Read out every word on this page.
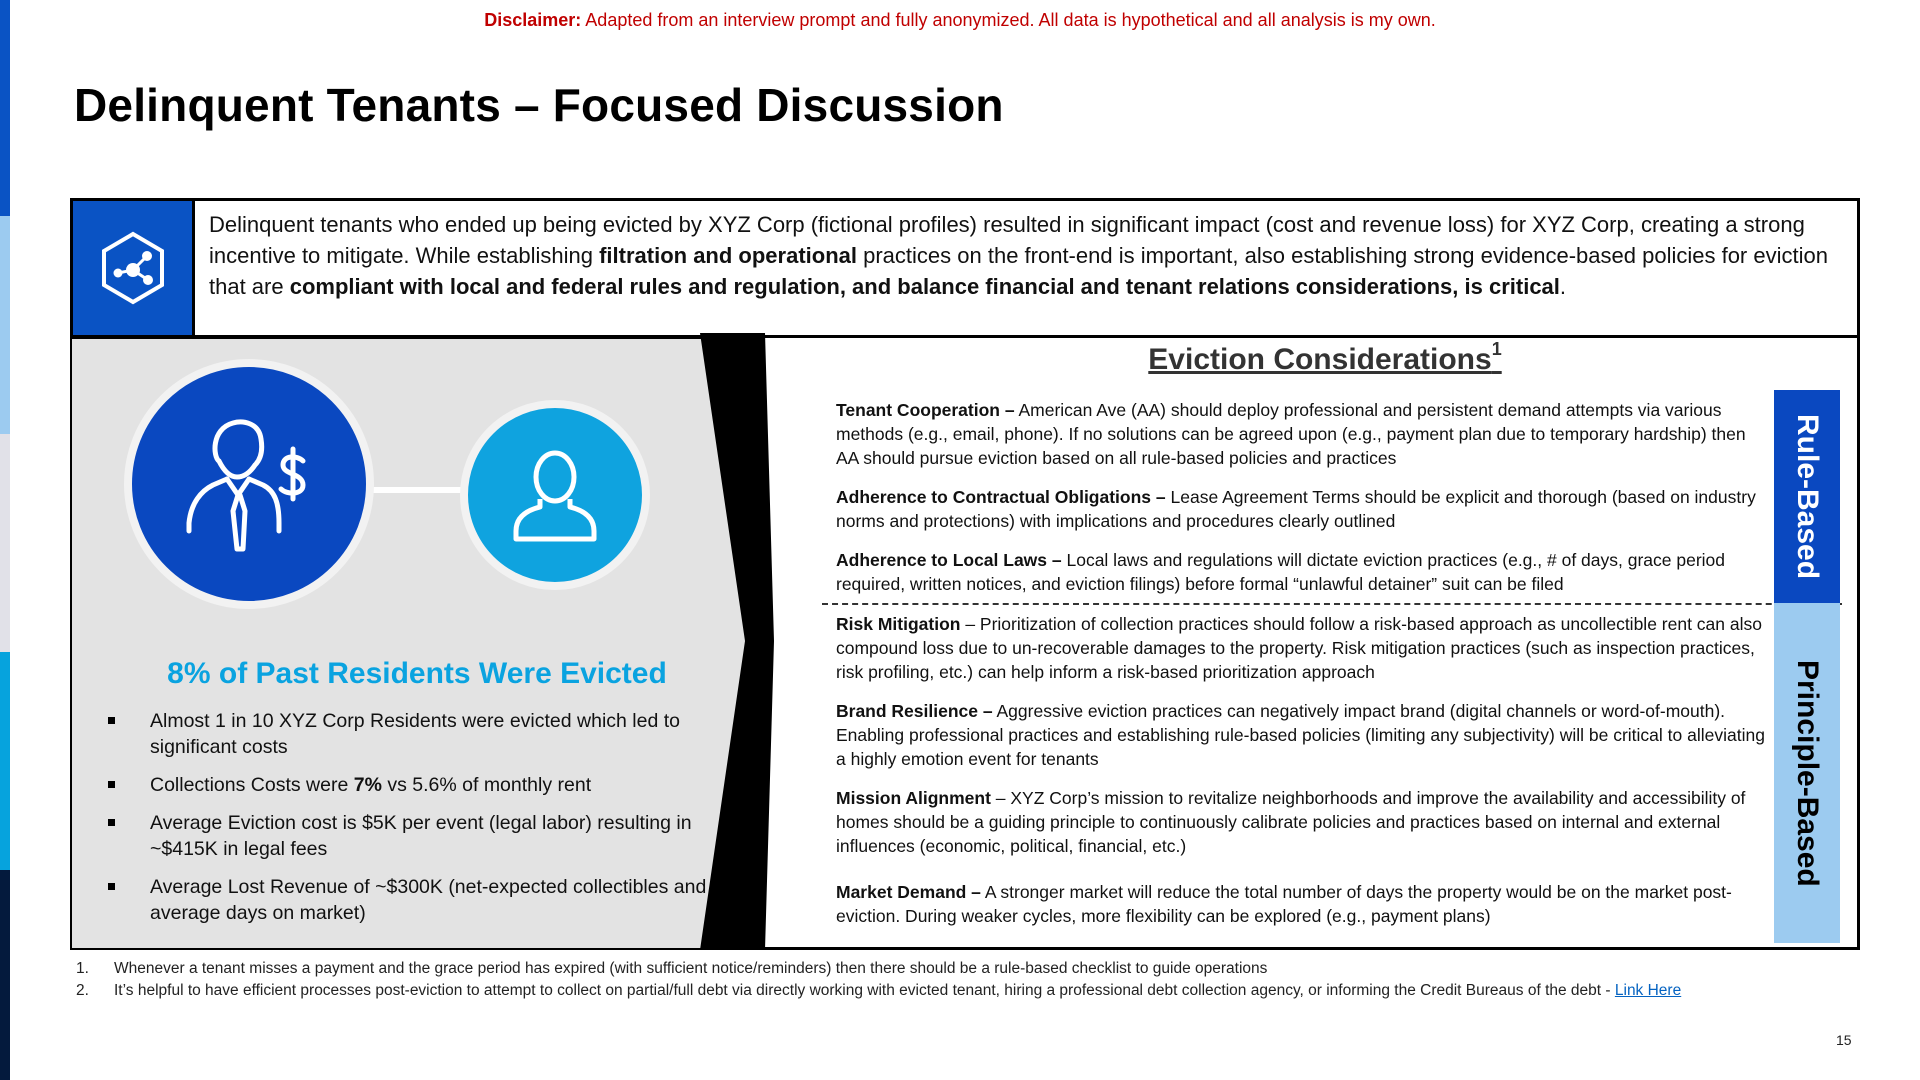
Disclaimer: Adapted from an interview prompt and fully anonymized. All data is hypothetical and all analysis is my own.
Delinquent Tenants – Focused Discussion
Delinquent tenants who ended up being evicted by XYZ Corp (fictional profiles) resulted in significant impact (cost and revenue loss) for XYZ Corp, creating a strong incentive to mitigate. While establishing filtration and operational practices on the front-end is important, also establishing strong evidence-based policies for eviction that are compliant with local and federal rules and regulation, and balance financial and tenant relations considerations, is critical.
8% of Past Residents Were Evicted
Almost 1 in 10 XYZ Corp Residents were evicted which led to significant costs
Collections Costs were 7% vs 5.6% of monthly rent
Average Eviction cost is $5K per event (legal labor) resulting in ~$415K in legal fees
Average Lost Revenue of ~$300K (net-expected collectibles and average days on market)
Eviction Considerations$^1$
Tenant Cooperation – American Ave (AA) should deploy professional and persistent demand attempts via various methods (e.g., email, phone). If no solutions can be agreed upon (e.g., payment plan due to temporary hardship) then AA should pursue eviction based on all rule-based policies and practices
Adherence to Contractual Obligations – Lease Agreement Terms should be explicit and thorough (based on industry norms and protections) with implications and procedures clearly outlined
Adherence to Local Laws – Local laws and regulations will dictate eviction practices (e.g., # of days, grace period required, written notices, and eviction filings) before formal “unlawful detainer” suit can be filed
Risk Mitigation – Prioritization of collection practices should follow a risk-based approach as uncollectible rent can also compound loss due to un-recoverable damages to the property. Risk mitigation practices (such as inspection practices, risk profiling, etc.) can help inform a risk-based prioritization approach
Brand Resilience – Aggressive eviction practices can negatively impact brand (digital channels or word-of-mouth). Enabling professional practices and establishing rule-based policies (limiting any subjectivity) will be critical to alleviating a highly emotion event for tenants
Mission Alignment – XYZ Corp’s mission to revitalize neighborhoods and improve the availability and accessibility of homes should be a guiding principle to continuously calibrate policies and practices based on internal and external influences (economic, political, financial, etc.)
Market Demand – A stronger market will reduce the total number of days the property would be on the market post-eviction. During weaker cycles, more flexibility can be explored (e.g., payment plans)
Rule-Based
Principle-Based
1.	Whenever a tenant misses a payment and the grace period has expired (with sufficient notice/reminders) then there should be a rule-based checklist to guide operations
2.	It’s helpful to have efficient processes post-eviction to attempt to collect on partial/full debt via directly working with evicted tenant, hiring a professional debt collection agency, or informing the Credit Bureaus of the debt - Link Here
15
